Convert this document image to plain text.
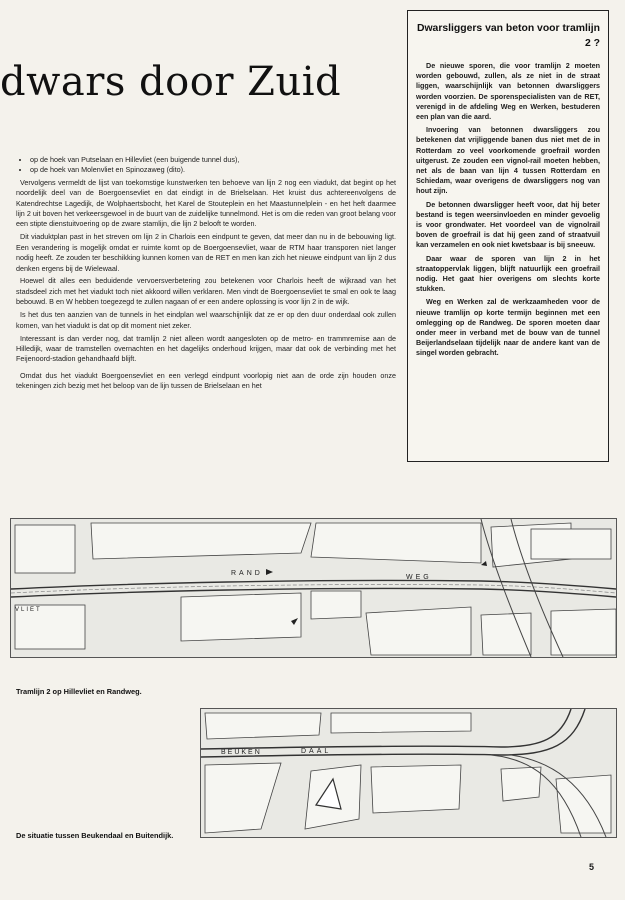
dwars door Zuid
• op de hoek van Putselaan en Hillevliet (een buigende tunnel dus),
• op de hoek van Molenvliet en Spinozaweg (dito).

Vervolgens vermeldt de lijst van toekomstige kunstwerken ten behoeve van lijn 2 nog een viadukt, dat begint op het noordelijk deel van de Boergoensevliet en dat eindigt in de Brielselaan. Het kruist dus achtereenvolgens de Katendrechtse Lagedijk, de Wolphaertsbocht, het Karel de Stouteplein en het Maastunnelplein - en het heft daarmee lijn 2 uit boven het verkeersgewoel in de buurt van de zuidelijke tunnelmond. Het is om die reden van groot belang voor een stipte dienstuitvoering op de zware stamlijn, die lijn 2 belooft te worden.

Dit viaduktplan past in het streven om lijn 2 in Charlois een eindpunt te geven, dat meer dan nu in de bebouwing ligt. Een verandering is mogelijk omdat er ruimte komt op de Boergoensevliet, waar de RTM haar transporen niet langer nodig heeft. Ze zouden ter beschikking kunnen komen van de RET en men kan zich het nieuwe eindpunt van lijn 2 dus denken ergens bij de Wielewaal.

Hoewel dit alles een beduidende vervoersverbetering zou betekenen voor Charlois heeft de wijkraad van het stadsdeel zich met het viadukt toch niet akkoord willen verklaren. Men vindt de Boergoensevliet te smal en ook te laag bebouwd. B en W hebben toegezegd te zullen nagaan of er een andere oplossing is voor lijn 2 in de wijk.

Is het dus ten aanzien van de tunnels in het eindplan wel waarschijnlijk dat ze er op den duur onderdaal ook zullen komen, van het viadukt is dat op dit moment niet zeker.

Interessant is dan verder nog, dat tramlijn 2 niet alleen wordt aangesloten op de metro- en trammremise aan de Hilledijk, waar de tramstellen overnachten en het dagelijks onderhoud krijgen, maar dat ook de verbinding met het Feijenoord-stadion gehandhaafd blijft.

Omdat dus het viadukt Boergoensevliet en een verlegd eindpunt voorlopig niet aan de orde zijn houden onze tekeningen zich bezig met het beloop van de lijn tussen de Brielselaan en het

Dwarsliggers van beton voor tramlijn 2 ?

De nieuwe sporen, die voor tramlijn 2 moeten worden gebouwd, zullen, als ze niet in de straat liggen, waarschijnlijk van betonnen dwarsliggers worden voorzien. De sporenspecialisten van de RET, verenigd in de afdeling Weg en Werken, bestuderen een plan van die aard.

Invoering van betonnen dwarsliggers zou betekenen dat vrijliggende banen dus niet met de in Rotterdam zo veel voorkomende groefrail worden uitgerust. Ze zouden een vignol-rail moeten hebben, net als de baan van lijn 4 tussen Rotterdam en Schiedam, waar overigens de dwarsliggers nog van hout zijn.

De betonnen dwarsligger heeft voor, dat hij beter bestand is tegen weersinvloeden en minder gevoelig is voor grondwater. Het voordeel van de vignolrail boven de groefrail is dat hij geen zand of straatvuil kan verzamelen en ook niet kwetsbaar is bij sneeuw.

Daar waar de sporen van lijn 2 in het straatoppervlak liggen, blijft natuurlijk een groefrail nodig. Het gaat hier overigens om slechts korte stukken.

Weg en Werken zal de werkzaamheden voor de nieuwe tramlijn op korte termijn beginnen met een omlegging op de Randweg. De sporen moeten daar onder meer in verband met de bouw van de tunnel Beijerlandselaan tijdelijk naar de andere kant van de singel worden gebracht.

RAND
WEG
VLIET
Tramlijn 2 op Hillevliet en Randweg.
BEUKEN	DAAL
De situatie tussen Beukendaal en Buitendijk.
5
